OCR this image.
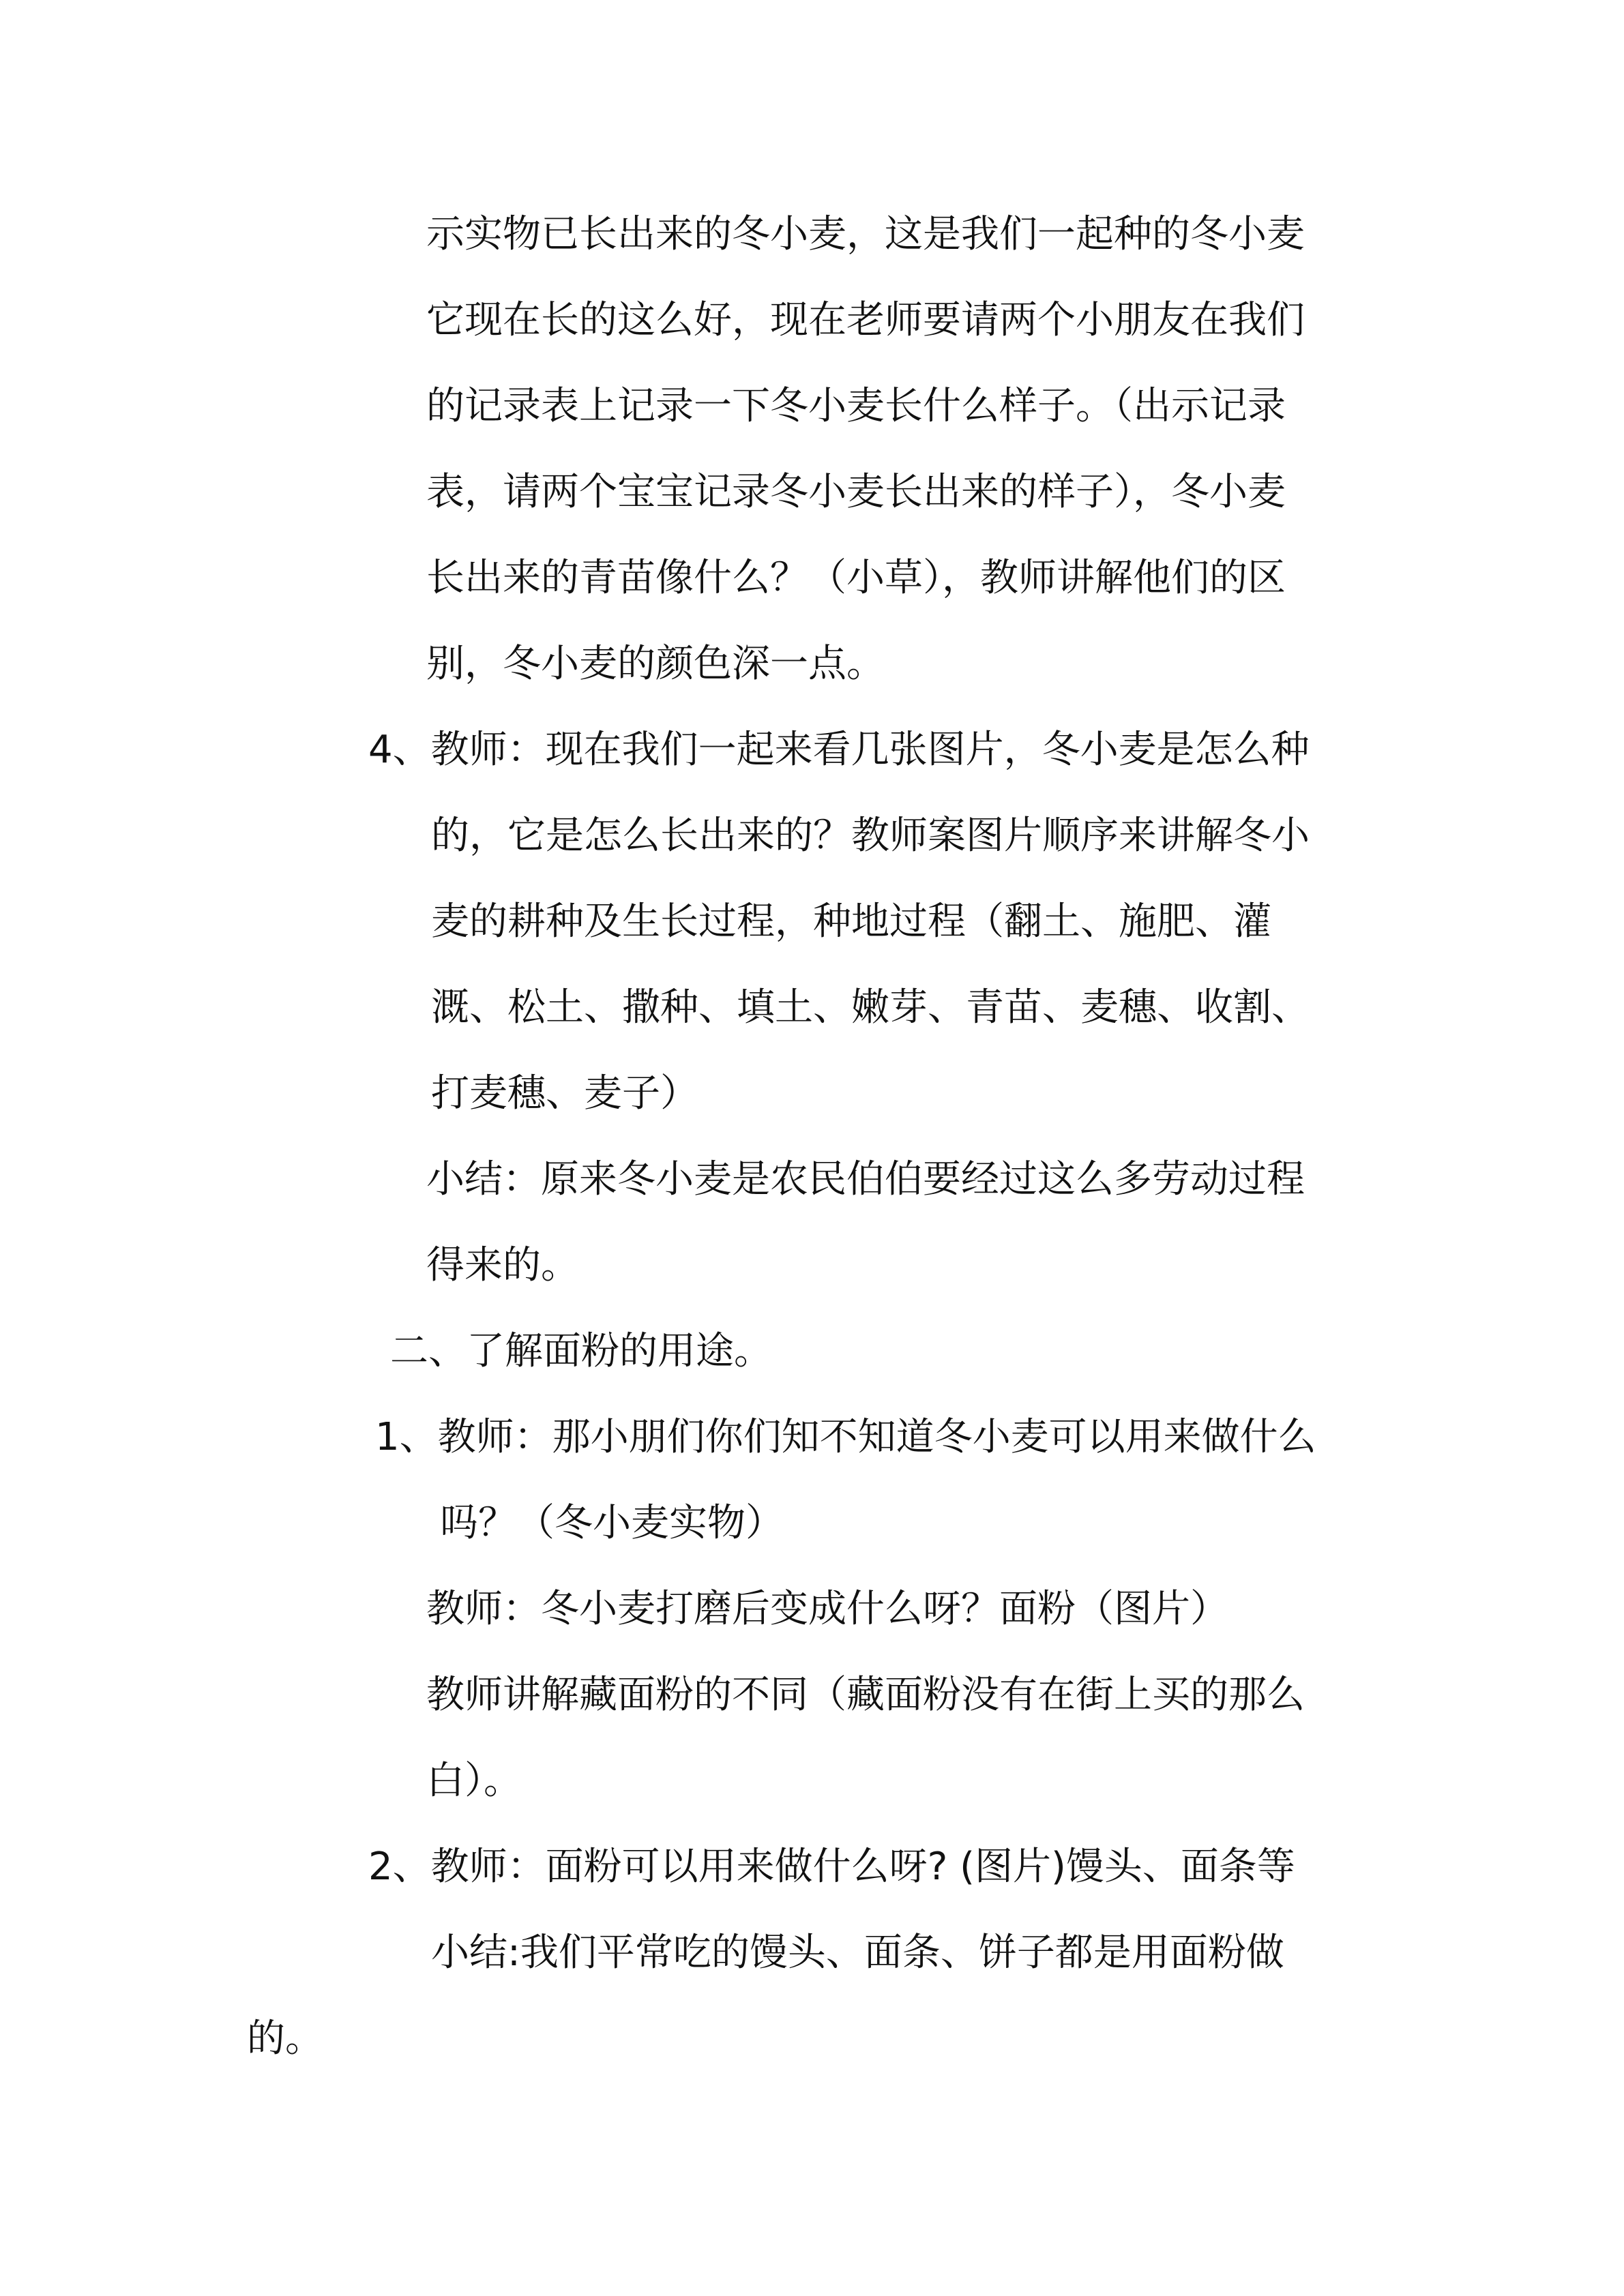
示实物已长出来的冬小麦，这是我们一起种的冬小麦
它现在长的这么好，现在老师要请两个小朋友在我们
的记录表上记录一下冬小麦长什么样子。（出示记录
表，请两个宝宝记录冬小麦长出来的样子），冬小麦
长出来的青苗像什么？（小草），教师讲解他们的区
别，冬小麦的颜色深一点。
4、教师：现在我们一起来看几张图片，冬小麦是怎么种
的，它是怎么长出来的？教师案图片顺序来讲解冬小
麦的耕种及生长过程，种地过程（翻土、施肥、灌
溉、松土、撒种、填土、嫩芽、青苗、麦穗、收割、
打麦穗、麦子）
小结：原来冬小麦是农民伯伯要经过这么多劳动过程
得来的。
二、了解面粉的用途。
1、教师：那小朋们你们知不知道冬小麦可以用来做什么
吗？（冬小麦实物）
教师：冬小麦打磨后变成什么呀？面粉（图片）
教师讲解藏面粉的不同（藏面粉没有在街上买的那么
白）。
2、教师：面粉可以用来做什么呀? (图片)馒头、面条等
小结:我们平常吃的馒头、面条、饼子都是用面粉做
的。
